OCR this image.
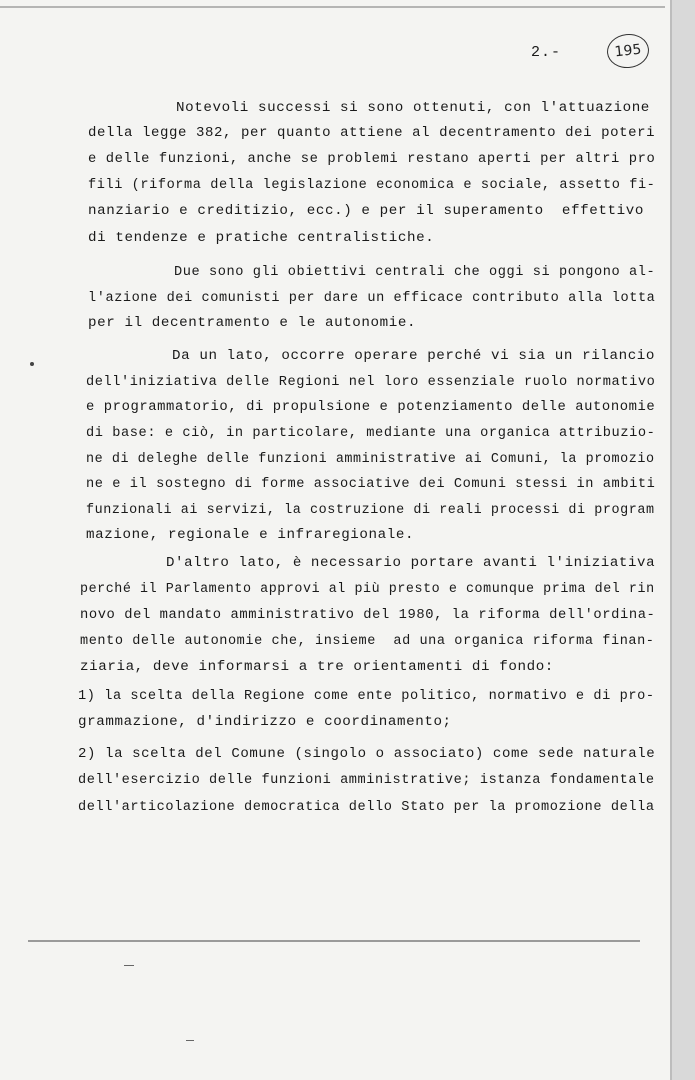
2.-	195
Notevoli successi si sono ottenuti, con l'attuazione
della legge 382, per quanto attiene al decentramento dei poteri
e delle funzioni, anche se problemi restano aperti per altri pro
fili (riforma della legislazione economica e sociale, assetto fi-
nanziario e creditizio, ecc.) e per il superamento  effettivo
di tendenze e pratiche centralistiche.
Due sono gli obiettivi centrali che oggi si pongono al-
l'azione dei comunisti per dare un efficace contributo alla lotta
per il decentramento e le autonomie.
Da un lato, occorre operare perché vi sia un rilancio
dell'iniziativa delle Regioni nel loro essenziale ruolo normativo
e programmatorio, di propulsione e potenziamento delle autonomie
di base: e ciò, in particolare, mediante una organica attribuzio-
ne di deleghe delle funzioni amministrative ai Comuni, la promozio
ne e il sostegno di forme associative dei Comuni stessi in ambiti
funzionali ai servizi, la costruzione di reali processi di program
mazione, regionale e infraregionale.
D'altro lato, è necessario portare avanti l'iniziativa
perché il Parlamento approvi al più presto e comunque prima del rin
novo del mandato amministrativo del 1980, la riforma dell'ordina-
mento delle autonomie che, insieme  ad una organica riforma finan-
ziaria, deve informarsi a tre orientamenti di fondo:
1) la scelta della Regione come ente politico, normativo e di pro-
grammazione, d'indirizzo e coordinamento;
2) la scelta del Comune (singolo o associato) come sede naturale
dell'esercizio delle funzioni amministrative; istanza fondamentale
dell'articolazione democratica dello Stato per la promozione della
